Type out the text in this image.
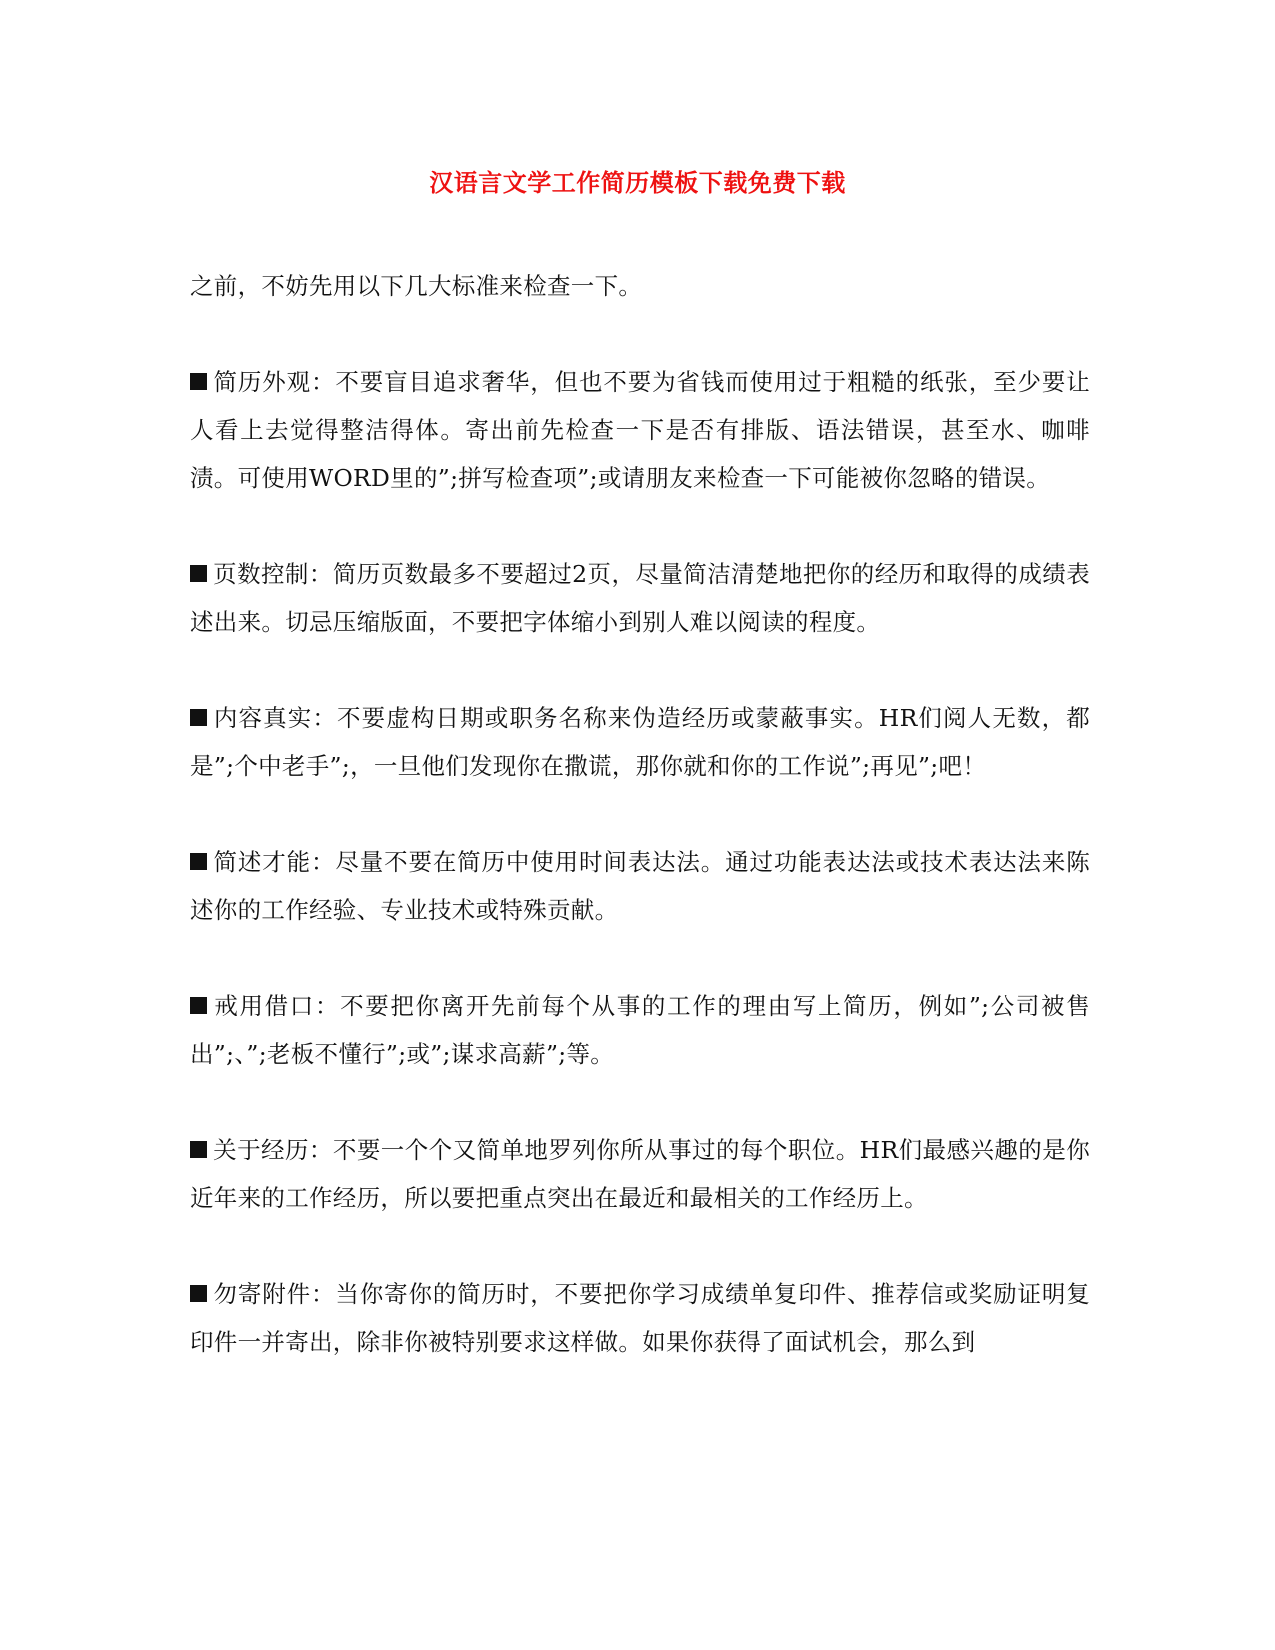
汉语言文学工作简历模板下载免费下载

之前，不妨先用以下几大标准来检查一下。

简历外观：不要盲目追求奢华，但也不要为省钱而使用过于粗糙的纸张，至少要让人看上去觉得整洁得体。寄出前先检查一下是否有排版、语法错误，甚至水、咖啡渍。可使用WORD里的”;拼写检查项”;或请朋友来检查一下可能被你忽略的错误。

页数控制：简历页数最多不要超过2页，尽量简洁清楚地把你的经历和取得的成绩表述出来。切忌压缩版面，不要把字体缩小到别人难以阅读的程度。

内容真实：不要虚构日期或职务名称来伪造经历或蒙蔽事实。HR们阅人无数，都是”;个中老手”;，一旦他们发现你在撒谎，那你就和你的工作说”;再见”;吧！

简述才能：尽量不要在简历中使用时间表达法。通过功能表达法或技术表达法来陈述你的工作经验、专业技术或特殊贡献。

戒用借口：不要把你离开先前每个从事的工作的理由写上简历，例如”;公司被售出”;、”;老板不懂行”;或”;谋求高薪”;等。

关于经历：不要一个个又简单地罗列你所从事过的每个职位。HR们最感兴趣的是你近年来的工作经历，所以要把重点突出在最近和最相关的工作经历上。

勿寄附件：当你寄你的简历时，不要把你学习成绩单复印件、推荐信或奖励证明复印件一并寄出，除非你被特别要求这样做。如果你获得了面试机会，那么到
